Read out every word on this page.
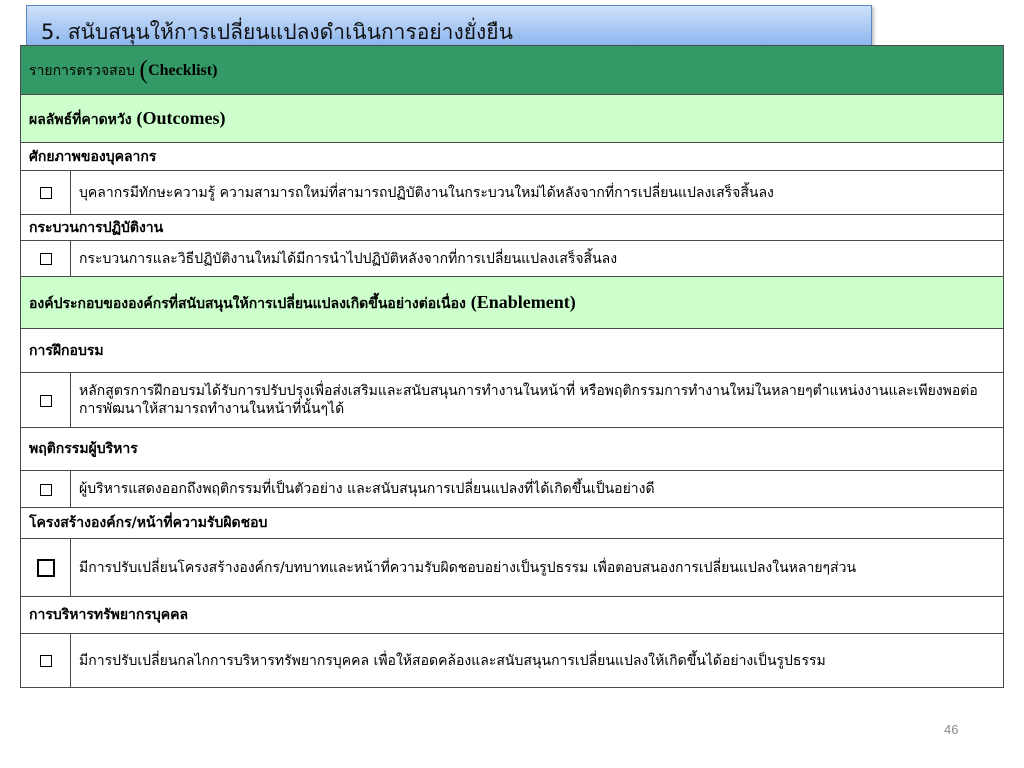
5. สนับสนุนให้การเปลี่ยนแปลงดำเนินการอย่างยั่งยืน
รายการตรวจสอบ (Checklist)	
ผลลัพธ์ที่คาดหวัง (Outcomes)	
ศักยภาพของบุคลากร	
	บุคลากรมีทักษะความรู้ ความสามารถใหม่ที่สามารถปฏิบัติงานในกระบวนใหม่ได้หลังจากที่การเปลี่ยนแปลงเสร็จสิ้นลง
กระบวนการปฏิบัติงาน	
	กระบวนการและวิธีปฏิบัติงานใหม่ได้มีการนำไปปฏิบัติหลังจากที่การเปลี่ยนแปลงเสร็จสิ้นลง
องค์ประกอบขององค์กรที่สนับสนุนให้การเปลี่ยนแปลงเกิดขึ้นอย่างต่อเนื่อง (Enablement)	
การฝึกอบรม	
	หลักสูตรการฝึกอบรมได้รับการปรับปรุงเพื่อส่งเสริมและสนับสนุนการทำงานในหน้าที่ หรือพฤติกรรมการทำงานใหม่ในหลายๆตำแหน่งงานและเพียงพอต่อการพัฒนาให้สามารถทำงานในหน้าที่นั้นๆได้
พฤติกรรมผู้บริหาร	
	ผู้บริหารแสดงออกถึงพฤติกรรมที่เป็นตัวอย่าง และสนับสนุนการเปลี่ยนแปลงที่ได้เกิดขึ้นเป็นอย่างดี
โครงสร้างองค์กร/หน้าที่ความรับผิดชอบ	
	มีการปรับเปลี่ยนโครงสร้างองค์กร/บทบาทและหน้าที่ความรับผิดชอบอย่างเป็นรูปธรรม เพื่อตอบสนองการเปลี่ยนแปลงในหลายๆส่วน
การบริหารทรัพยากรบุคคล	
	มีการปรับเปลี่ยนกลไกการบริหารทรัพยากรบุคคล เพื่อให้สอดคล้องและสนับสนุนการเปลี่ยนแปลงให้เกิดขึ้นได้อย่างเป็นรูปธรรม
46
